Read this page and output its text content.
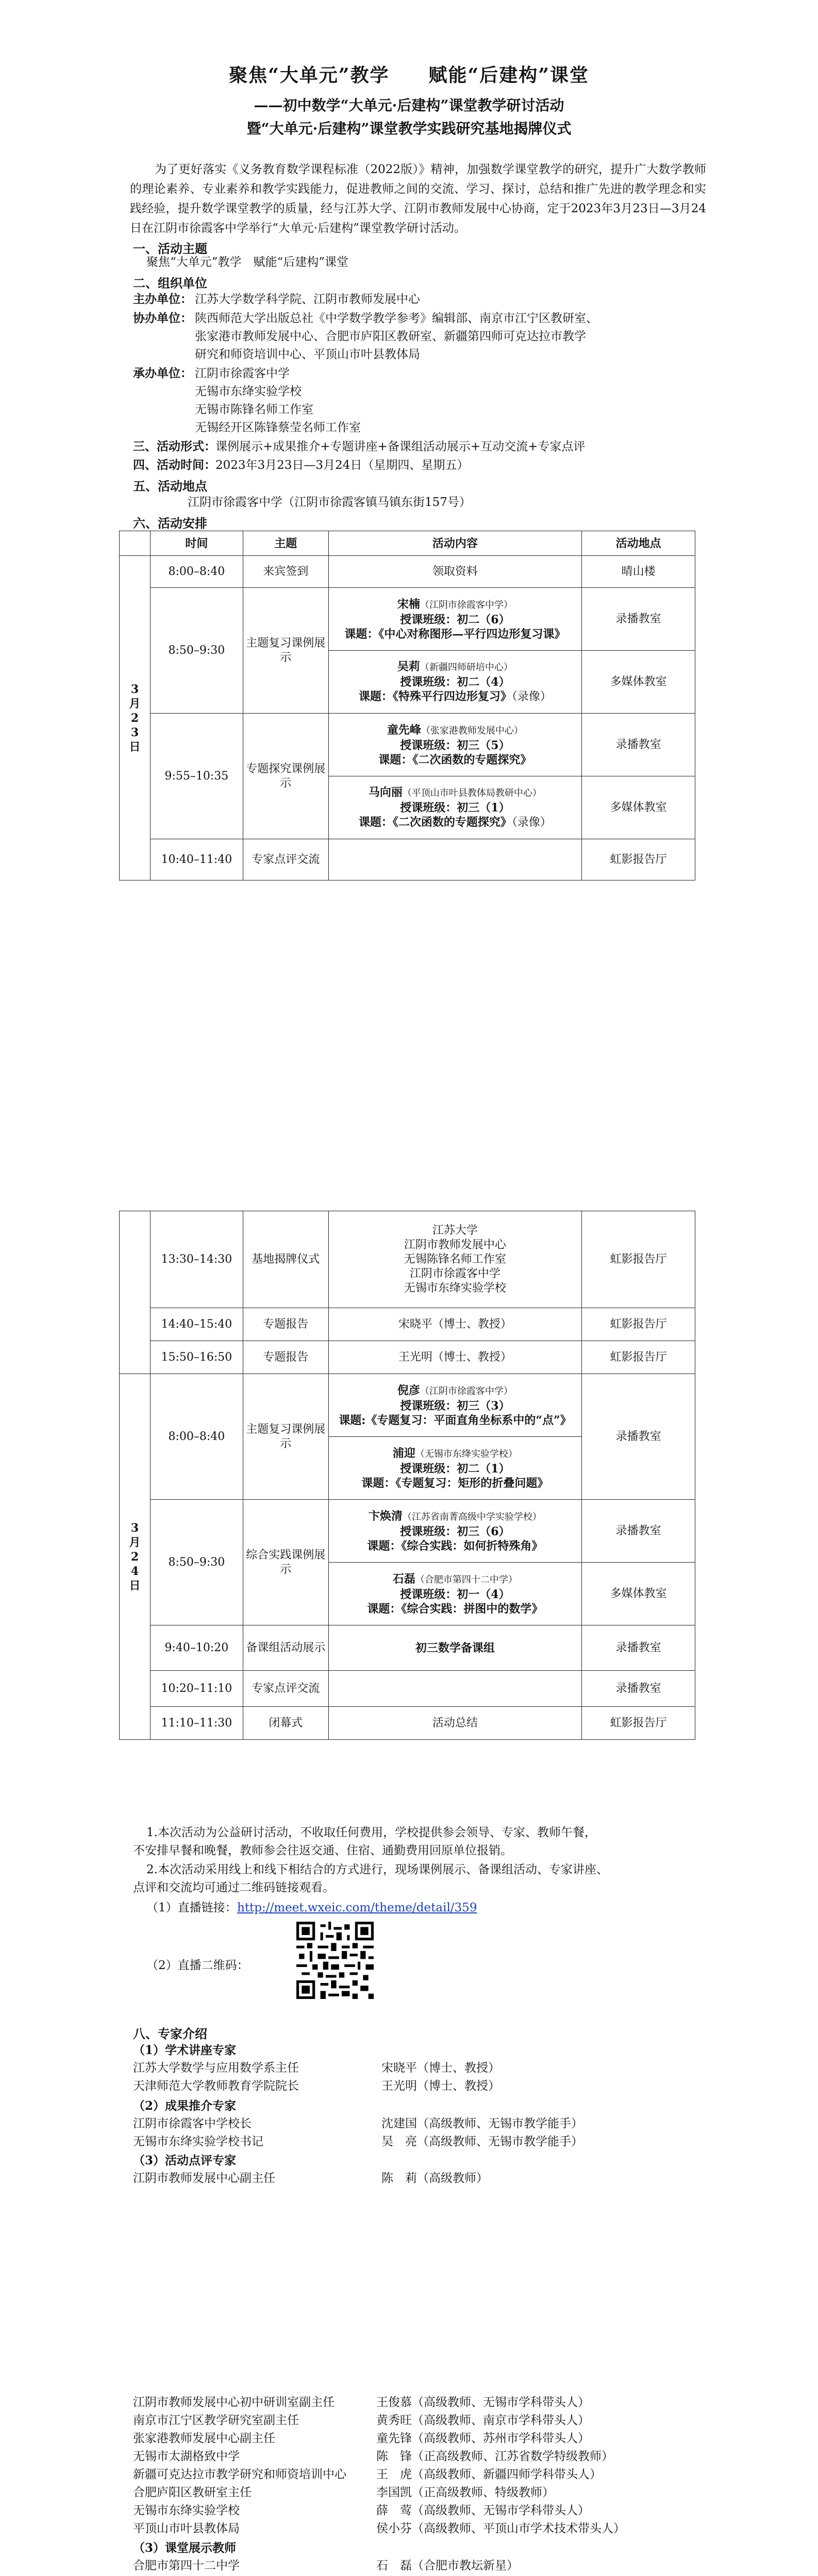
聚焦“大单元”教学　　赋能“后建构”课堂
——初中数学“大单元·后建构”课堂教学研讨活动
暨“大单元·后建构”课堂教学实践研究基地揭牌仪式
为了更好落实《义务教育数学课程标准（2022版）》精神，加强数学课堂教学的研究，提升广大数学教师的理论素养、专业素养和教学实践能力，促进教师之间的交流、学习、探讨，总结和推广先进的教学理念和实践经验，提升数学课堂教学的质量，经与江苏大学、江阴市教师发展中心协商，定于2023年3月23日—3月24日在江阴市徐霞客中学举行“大单元·后建构”课堂教学研讨活动。
一、活动主题
聚焦“大单元”教学　赋能“后建构”课堂
二、组织单位
主办单位： 江苏大学数学科学院、江阴市教师发展中心
协办单位： 陕西师范大学出版总社《中学数学教学参考》编辑部、南京市江宁区教研室、
张家港市教师发展中心、合肥市庐阳区教研室、新疆第四师可克达拉市教学
研究和师资培训中心、平顶山市叶县教体局
承办单位： 江阴市徐霞客中学
无锡市东绛实验学校
无锡市陈锋名师工作室
无锡经开区陈锋蔡莹名师工作室
三、活动形式： 课例展示+成果推介+专题讲座+备课组活动展示+互动交流+专家点评
四、活动时间： 2023年3月23日—3月24日（星期四、星期五）
五、活动地点
江阴市徐霞客中学（江阴市徐霞客镇马镇东街157号）
六、活动安排
	时间	主题	活动内容	活动地点
3月23日	8:00–8:40	来宾签到	领取资料	晴山楼
	8:50–9:30	主题复习课例展示	宋楠（江阴市徐霞客中学）
授课班级：初二（6）
课题：《中心对称图形—平行四边形复习课》	录播教室

			吴莉（新疆四师研培中心）
授课班级：初二（4）
课题：《特殊平行四边形复习》（录像）	多媒体教室
	9:55–10:35	专题探究课例展示	童先峰（张家港教师发展中心）
授课班级：初三（5）
课题：《二次函数的专题探究》	录播教室

			马向丽（平顶山市叶县教体局教研中心）
授课班级：初三（1）
课题：《二次函数的专题探究》（录像）	多媒体教室
	10:40–11:40	专家点评交流		虹影报告厅
	13:30–14:30	基地揭牌仪式	江苏大学
江阴市教师发展中心
无锡陈锋名师工作室
江阴市徐霞客中学
无锡市东绛实验学校	虹影报告厅
	14:40–15:40	专题报告	宋晓平（博士、教授）	虹影报告厅
	15:50–16:50	专题报告	王光明（博士、教授）	虹影报告厅
3月24日	8:00–8:40	主题复习课例展示	倪彦（江阴市徐霞客中学）
授课班级：初三（3）
课题:《专题复习：平面直角坐标系中的“点”》	录播教室

			浦迎（无锡市东绛实验学校）
授课班级：初二（1）
课题：《专题复习：矩形的折叠问题》	

	8:50–9:30	综合实践课例展示	卞焕清（江苏省南菁高级中学实验学校）
授课班级：初三（6）
课题：《综合实践：如何折特殊角》	录播教室

			石磊（合肥市第四十二中学）
授课班级：初一（4）
课题：《综合实践：拼图中的数学》	多媒体教室
	9:40–10:20	备课组活动展示	初三数学备课组	录播教室
	10:20–11:10	专家点评交流		录播教室
	11:10–11:30	闭幕式	活动总结	虹影报告厅
1.本次活动为公益研讨活动，不收取任何费用，学校提供参会领导、专家、教师午餐，
不安排早餐和晚餐，教师参会往返交通、住宿、通勤费用回原单位报销。
2.本次活动采用线上和线下相结合的方式进行，现场课例展示、备课组活动、专家讲座、
点评和交流均可通过二维码链接观看。
（1）直播链接： http://meet.wxeic.com/theme/detail/359
（2）直播二维码：
八、专家介绍
（1）学术讲座专家
江苏大学数学与应用数学系主任	宋晓平（博士、教授）
天津师范大学教师教育学院院长	王光明（博士、教授）
（2）成果推介专家
江阴市徐霞客中学校长	沈建国（高级教师、无锡市教学能手）
无锡市东绛实验学校书记	吴　亮（高级教师、无锡市教学能手）
（3）活动点评专家
江阴市教师发展中心副主任	陈　莉（高级教师）
江阴市教师发展中心初中研训室副主任	王俊慕（高级教师、无锡市学科带头人）
南京市江宁区教学研究室副主任	黄秀旺（高级教师、南京市学科带头人）
张家港教师发展中心副主任	童先锋（高级教师、苏州市学科带头人）
无锡市太湖格致中学	陈　锋（正高级教师、江苏省数学特级教师）
新疆可克达拉市教学研究和师资培训中心	王　虎（高级教师、新疆四师学科带头人）
合肥庐阳区教研室主任	李国凯（正高级教师、特级教师）
无锡市东绛实验学校	薛　莺（高级教师、无锡市学科带头人）
平顶山市叶县教体局	侯小芬（高级教师、平顶山市学术技术带头人）
（3）课堂展示教师
合肥市第四十二中学	石　磊（合肥市教坛新星）
